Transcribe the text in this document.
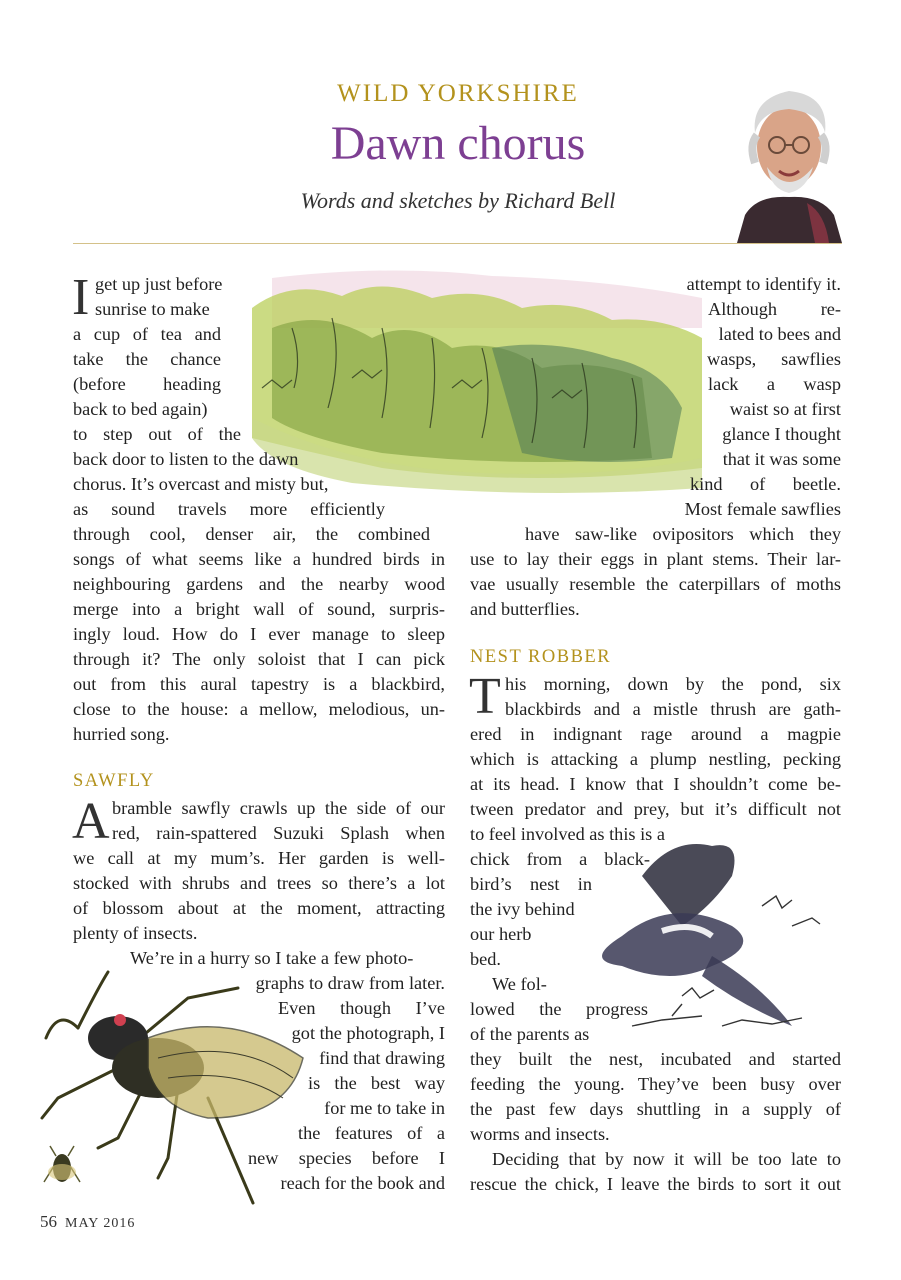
WILD YORKSHIRE
Dawn chorus
Words and sketches by Richard Bell
I get up just before
sunrise to make
a cup of tea and
take the chance
(before heading
back to bed again)
to step out of the
back door to listen to the dawn
chorus. It’s overcast and misty but,
as sound travels more efficiently
through cool, denser air, the combined
songs of what seems like a hundred birds in
neighbouring gardens and the nearby wood
merge into a bright wall of sound, surpris-
ingly loud. How do I ever manage to sleep
through it? The only soloist that I can pick
out from this aural tapestry is a blackbird,
close to the house: a mellow, melodious, un-
hurried song.
SAWFLY
A bramble sawfly crawls up the side of our
red, rain-spattered Suzuki Splash when
we call at my mum’s. Her garden is well-
stocked with shrubs and trees so there’s a lot
of blossom about at the moment, attracting
plenty of insects.
We’re in a hurry so I take a few photo-
graphs to draw from later.
Even though I’ve
got the photograph, I
find that drawing
is the best way
for me to take in
the features of a
new species before I
reach for the book and
attempt to identify it.
Although re-
lated to bees and
wasps, sawflies
lack a wasp
waist so at first
glance I thought
that it was some
kind of beetle.
Most female sawflies
have saw-like ovipositors which they
use to lay their eggs in plant stems. Their lar-
vae usually resemble the caterpillars of moths
and butterflies.
NEST ROBBER
T his morning, down by the pond, six
blackbirds and a mistle thrush are gath-
ered in indignant rage around a magpie
which is attacking a plump nestling, pecking
at its head. I know that I shouldn’t come be-
tween predator and prey, but it’s difficult not
to feel involved as this is a
chick from a black-
bird’s nest in
the ivy behind
our herb
bed.
We fol-
lowed the progress
of the parents as
they built the nest, incubated and started
feeding the young. They’ve been busy over
the past few days shuttling in a supply of
worms and insects.
Deciding that by now it will be too late to
rescue the chick, I leave the birds to sort it out
56 MAY 2016
